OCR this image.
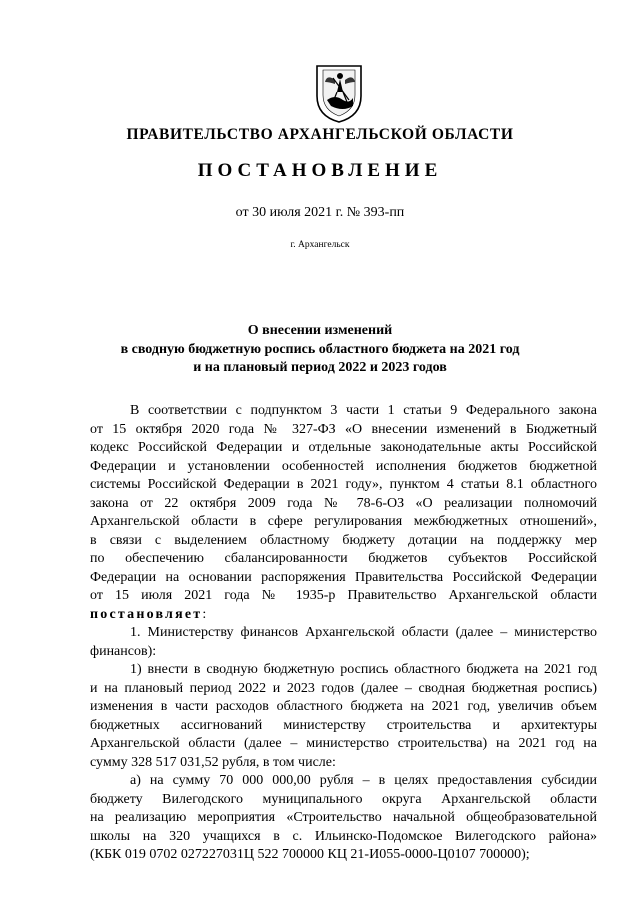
ПРАВИТЕЛЬСТВО АРХАНГЕЛЬСКОЙ ОБЛАСТИ
ПОСТАНОВЛЕНИЕ
от 30 июля 2021 г. № 393-пп
г. Архангельск
О внесении изменений
в сводную бюджетную роспись областного бюджета на 2021 год
и на плановый период 2022 и 2023 годов
В соответствии с подпунктом 3 части 1 статьи 9 Федерального закона
от 15 октября 2020 года № 327-ФЗ «О внесении изменений в Бюджетный
кодекс Российской Федерации и отдельные законодательные акты Российской
Федерации и установлении особенностей исполнения бюджетов бюджетной
системы Российской Федерации в 2021 году», пунктом 4 статьи 8.1 областного
закона от 22 октября 2009 года № 78-6-ОЗ «О реализации полномочий
Архангельской области в сфере регулирования межбюджетных отношений»,
в связи с выделением областному бюджету дотации на поддержку мер
по обеспечению сбалансированности бюджетов субъектов Российской
Федерации на основании распоряжения Правительства Российской Федерации
от 15 июля 2021 года № 1935-р Правительство Архангельской области
постановляет:
1. Министерству финансов Архангельской области (далее – министерство
финансов):
1) внести в сводную бюджетную роспись областного бюджета на 2021 год
и на плановый период 2022 и 2023 годов (далее – сводная бюджетная роспись)
изменения в части расходов областного бюджета на 2021 год, увеличив объем
бюджетных ассигнований министерству строительства и архитектуры
Архангельской области (далее – министерство строительства) на 2021 год на
сумму 328 517 031,52 рубля, в том числе:
а) на сумму 70 000 000,00 рубля – в целях предоставления субсидии
бюджету Вилегодского муниципального округа Архангельской области
на реализацию мероприятия «Строительство начальной общеобразовательной
школы на 320 учащихся в с. Ильинско-Подомское Вилегодского района»
(КБК 019 0702 027227031Ц 522 700000 КЦ 21-И055-0000-Ц0107 700000);
